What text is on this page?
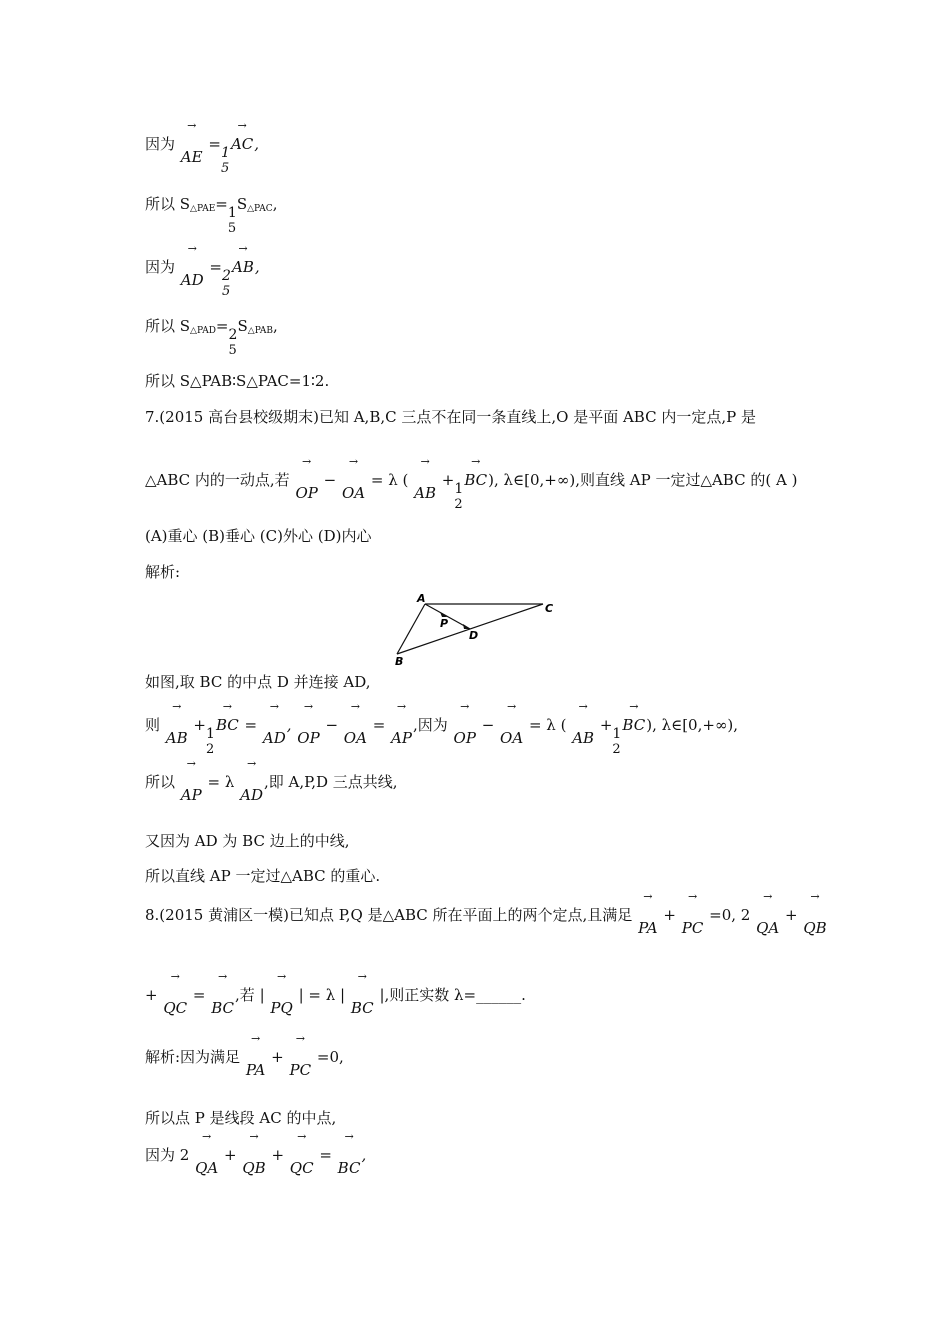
因为
→
AE = 1
5
→
AC,
所以 $S_{\triangle PAE}= 1$
5
$S_{\triangle PAC}$,
因为
→
AD = 2
5
→
AB,
所以 $S_{\triangle PAD}= 2$
5
$S_{\triangle PAB}$,
所以 S△PAB∶S△PAC=1∶2.
7.(2015 高台县校级期末)已知 A,B,C 三点不在同一条直线上,O 是平面 ABC 内一定点,P 是
△ABC 内的一动点,若
→
OP −
→
OA = λ (
→
AB + 1
2
→
BC), λ∈[0,+∞),则直线 AP 一定过△ABC 的( A )
(A)重心 (B)垂心 (C)外心 (D)内心
解析:
A
C
P
D
B
如图,取 BC 的中点 D 并连接 AD,
则
→
AB + 1
2
→
BC =
→
AD,
→
OP −
→
OA =
→
AP,因为
→
OP −
→
OA = λ (
→
AB + 1
2
→
BC), λ∈[0,+∞),
所以
→
AP = λ
→
AD,即 A,P,D 三点共线,
又因为 AD 为 BC 边上的中线,
所以直线 AP 一定过△ABC 的重心.
8.(2015 黄浦区一模)已知点 P,Q 是△ABC 所在平面上的两个定点,且满足
→
PA +
→
PC =0, 2
→
QA +
→
QB
+
→
QC =
→
BC,若 |
→
PQ | = λ |
→
BC |,则正实数 λ=______.
解析:因为满足
→
PA +
→
PC =0,
所以点 P 是线段 AC 的中点,
因为 2
→
QA +
→
QB +
→
QC =
→
BC,
